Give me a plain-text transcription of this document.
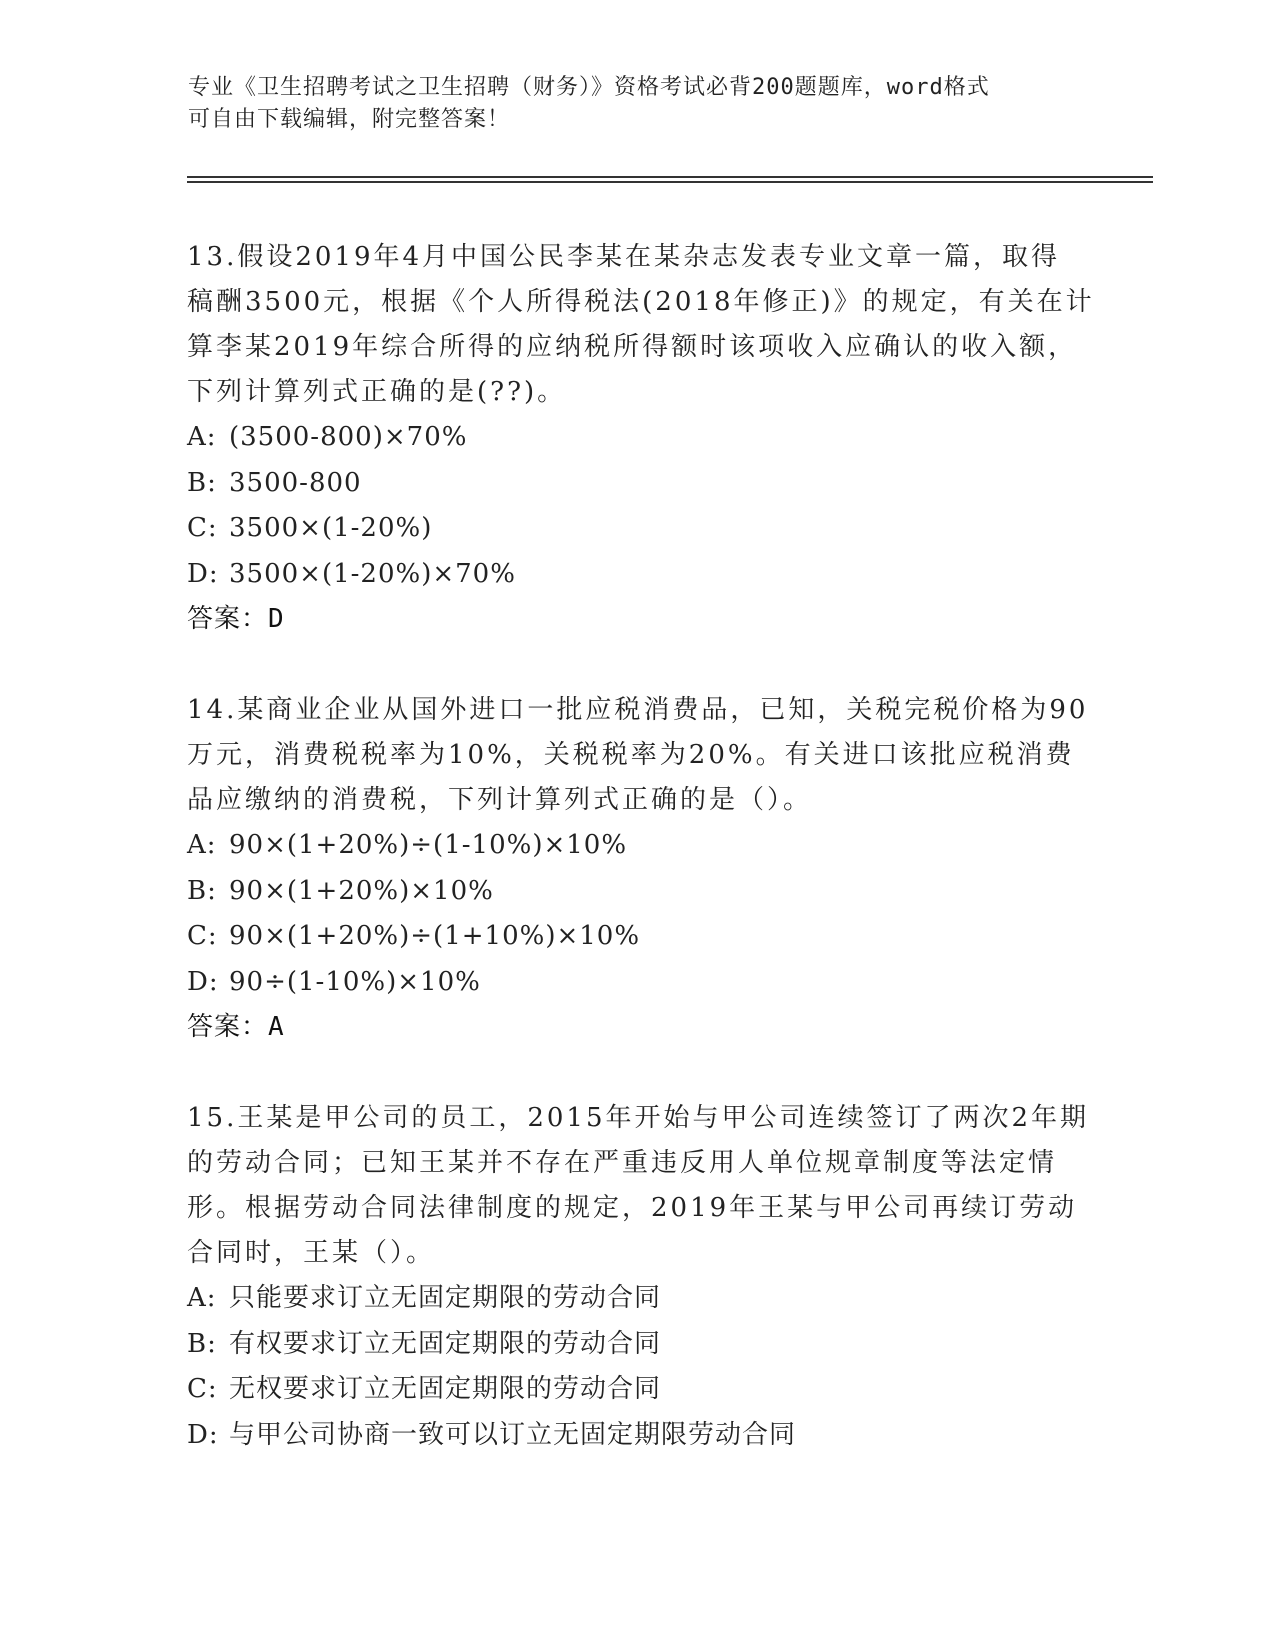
专业《卫生招聘考试之卫生招聘（财务）》资格考试必背200题题库，word格式
可自由下载编辑，附完整答案！
13.假设2019年4月中国公民李某在某杂志发表专业文章一篇，取得
稿酬3500元，根据《个人所得税法(2018年修正)》的规定，有关在计
算李某2019年综合所得的应纳税所得额时该项收入应确认的收入额，
下列计算列式正确的是(??)。
A: (3500-800)×70%
B: 3500-800
C: 3500×(1-20%)
D: 3500×(1-20%)×70%
答案：D
14.某商业企业从国外进口一批应税消费品，已知，关税完税价格为90
万元，消费税税率为10%，关税税率为20%。有关进口该批应税消费
品应缴纳的消费税，下列计算列式正确的是（）。
A: 90×(1+20%)÷(1-10%)×10%
B: 90×(1+20%)×10%
C: 90×(1+20%)÷(1+10%)×10%
D: 90÷(1-10%)×10%
答案：A
15.王某是甲公司的员工，2015年开始与甲公司连续签订了两次2年期
的劳动合同；已知王某并不存在严重违反用人单位规章制度等法定情
形。根据劳动合同法律制度的规定，2019年王某与甲公司再续订劳动
合同时，王某（）。
A: 只能要求订立无固定期限的劳动合同
B: 有权要求订立无固定期限的劳动合同
C: 无权要求订立无固定期限的劳动合同
D: 与甲公司协商一致可以订立无固定期限劳动合同
